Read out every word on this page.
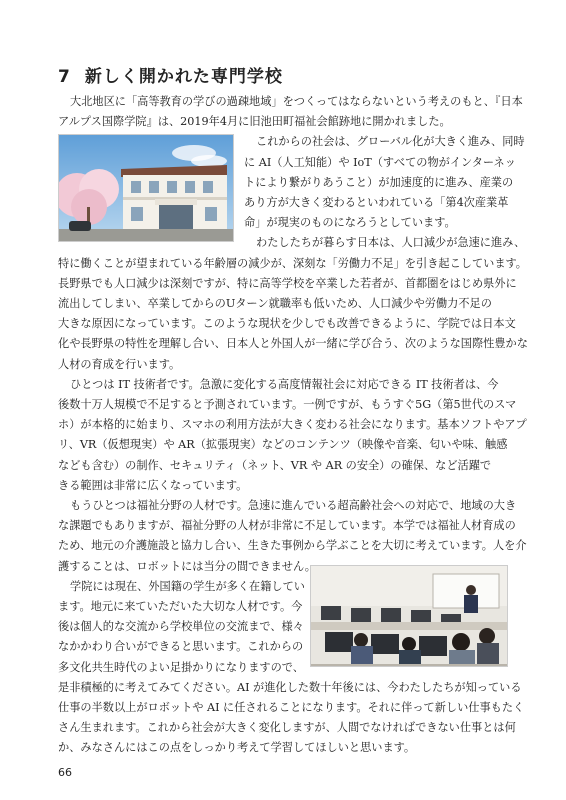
7 新しく開かれた専門学校
66
大北地区に「高等教育の学びの過疎地域」をつくってはならないという考えのもと、『日本
アルプス国際学院』は、2019年4月に旧池田町福祉会館跡地に開かれました。
これからの社会は、グローバル化が大きく進み、同時
に AI（人工知能）や IoT（すべての物がインターネッ
トにより繋がりあうこと）が加速度的に進み、産業の
あり方が大きく変わるといわれている「第4次産業革
命」が現実のものになろうとしています。
わたしたちが暮らす日本は、人口減少が急速に進み、
特に働くことが望まれている年齢層の減少が、深刻な「労働力不足」を引き起こしています。
長野県でも人口減少は深刻ですが、特に高等学校を卒業した若者が、首都圏をはじめ県外に
流出してしまい、卒業してからのUターン就職率も低いため、人口減少や労働力不足の
大きな原因になっています。このような現状を少しでも改善できるように、学院では日本文
化や長野県の特性を理解し合い、日本人と外国人が一緒に学び合う、次のような国際性豊かな
人材の育成を行います。
ひとつは IT 技術者です。急激に変化する高度情報社会に対応できる IT 技術者は、今
後数十万人規模で不足すると予測されています。一例ですが、もうすぐ5G（第5世代のスマ
ホ）が本格的に始まり、スマホの利用方法が大きく変わる社会になります。基本ソフトやアプ
リ、VR（仮想現実）や AR（拡張現実）などのコンテンツ（映像や音楽、匂いや味、触感
なども含む）の制作、セキュリティ（ネット、VR や AR の安全）の確保、など活躍で
きる範囲は非常に広くなっています。
もうひとつは福祉分野の人材です。急速に進んでいる超高齢社会への対応で、地域の大き
な課題でもありますが、福祉分野の人材が非常に不足しています。本学では福祉人材育成の
ため、地元の介護施設と協力し合い、生きた事例から学ぶことを大切に考えています。人を介
護することは、ロボットには当分の間できません。
学院には現在、外国籍の学生が多く在籍してい
ます。地元に来ていただいた大切な人材です。今
後は個人的な交流から学校単位の交流まで、様々
なかかわり合いができると思います。これからの
多文化共生時代のよい足掛かりになりますので、
是非積極的に考えてみてください。AI が進化した数十年後には、今わたしたちが知っている
仕事の半数以上がロボットや AI に任されることになります。それに伴って新しい仕事もたく
さん生まれます。これから社会が大きく変化しますが、人間でなければできない仕事とは何
か、みなさんにはこの点をしっかり考えて学習してほしいと思います。
